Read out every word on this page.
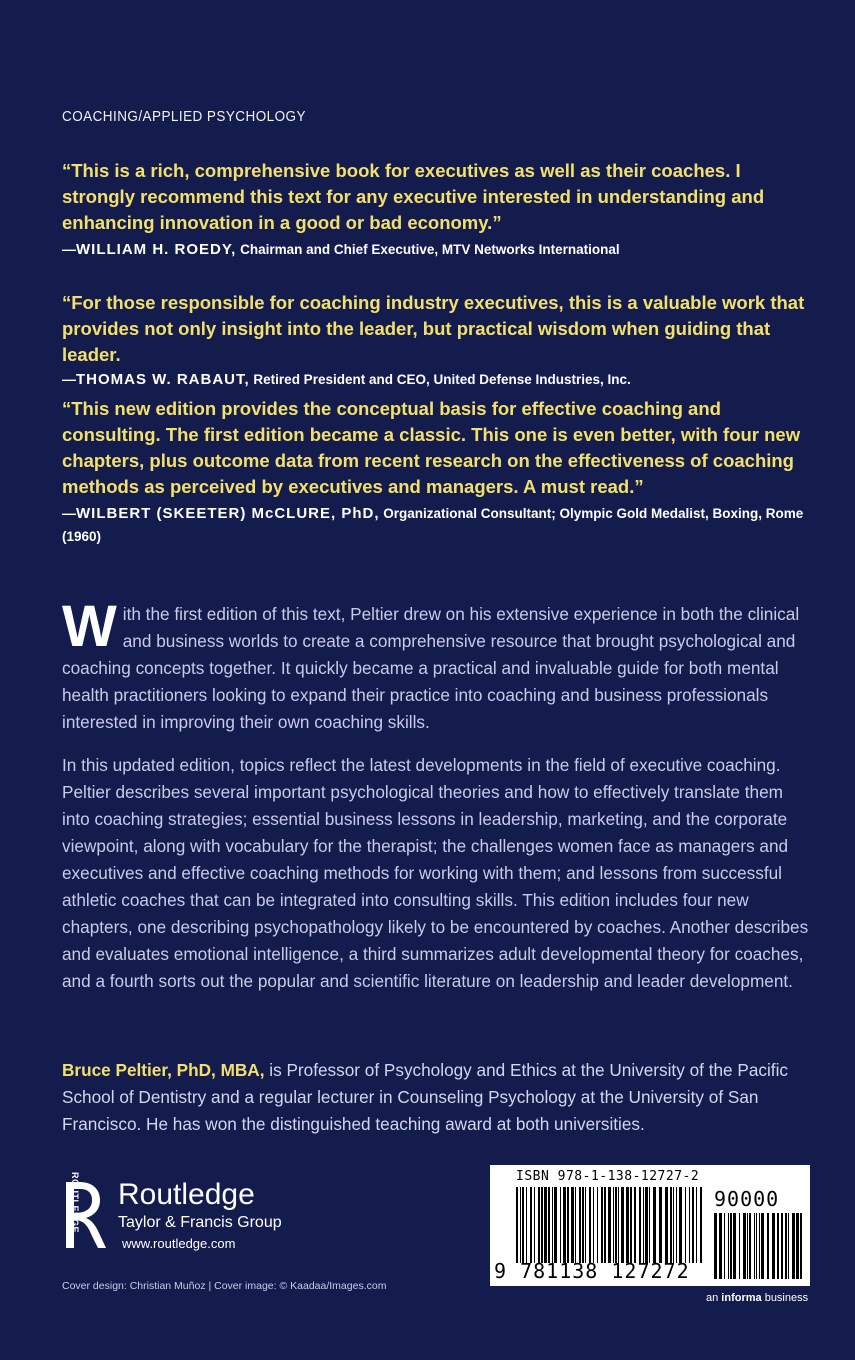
COACHING/APPLIED PSYCHOLOGY
“This is a rich, comprehensive book for executives as well as their coaches. I strongly recommend this text for any executive interested in understanding and enhancing innovation in a good or bad economy.”
—WILLIAM H. ROEDY, Chairman and Chief Executive, MTV Networks International
“For those responsible for coaching industry executives, this is a valuable work that provides not only insight into the leader, but practical wisdom when guiding that leader.
—THOMAS W. RABAUT, Retired President and CEO, United Defense Industries, Inc.
“This new edition provides the conceptual basis for effective coaching and consulting. The first edition became a classic. This one is even better, with four new chapters, plus outcome data from recent research on the effectiveness of coaching methods as perceived by executives and managers. A must read.”
—WILBERT (SKEETER) McCLURE, PhD, Organizational Consultant; Olympic Gold Medalist, Boxing, Rome (1960)
With the first edition of this text, Peltier drew on his extensive experience in both the clinical and business worlds to create a comprehensive resource that brought psychological and coaching concepts together. It quickly became a practical and invaluable guide for both mental health practitioners looking to expand their practice into coaching and business professionals interested in improving their own coaching skills.
In this updated edition, topics reflect the latest developments in the field of executive coaching. Peltier describes several important psychological theories and how to effectively translate them into coaching strategies; essential business lessons in leadership, marketing, and the corporate viewpoint, along with vocabulary for the therapist; the challenges women face as managers and executives and effective coaching methods for working with them; and lessons from successful athletic coaches that can be integrated into consulting skills. This edition includes four new chapters, one describing psychopathology likely to be encountered by coaches. Another describes and evaluates emotional intelligence, a third summarizes adult developmental theory for coaches, and a fourth sorts out the popular and scientific literature on leadership and leader development.
Bruce Peltier, PhD, MBA, is Professor of Psychology and Ethics at the University of the Pacific School of Dentistry and a regular lecturer in Counseling Psychology at the University of San Francisco. He has won the distinguished teaching award at both universities.
ROUTLEDGE Routledge
Taylor & Francis Group
www.routledge.com
Cover design: Christian Muñoz | Cover image: © Kaadaa/Images.com
ISBN 978-1-138-12727-2
90000
9 781138 127272
an informa business
